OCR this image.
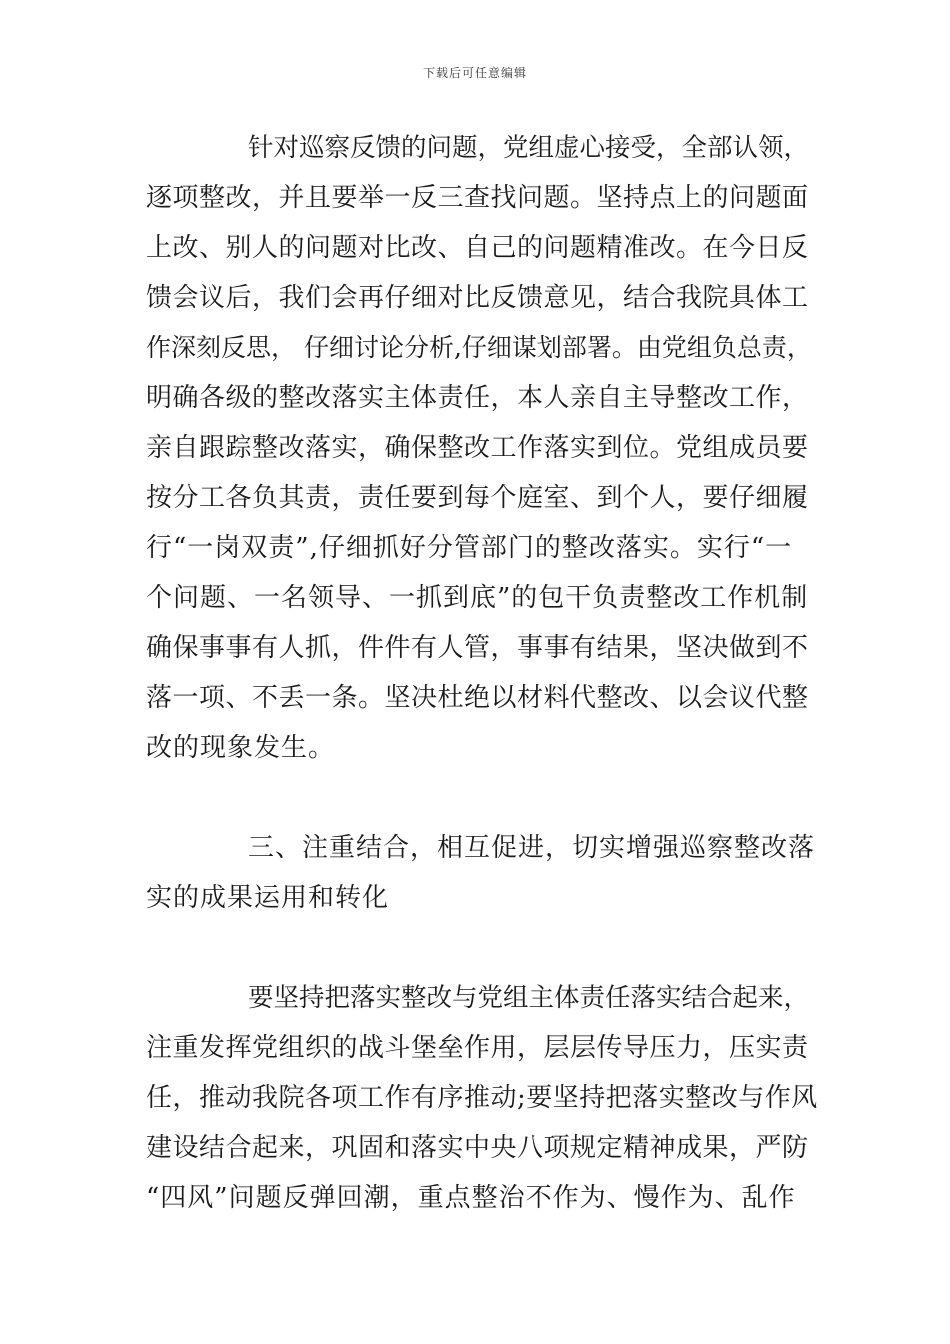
下载后可任意编辑
针对巡察反馈的问题，党组虚心接受，全部认领，
逐项整改，并且要举一反三查找问题。坚持点上的问题面
上改、别人的问题对比改、自己的问题精准改。在今日反
馈会议后，我们会再仔细对比反馈意见，结合我院具体工
作深刻反思， 仔细讨论分析,仔细谋划部署。由党组负总责，
明确各级的整改落实主体责任，本人亲自主导整改工作，
亲自跟踪整改落实，确保整改工作落实到位。党组成员要
按分工各负其责，责任要到每个庭室、到个人，要仔细履
行“一岗双责”,仔细抓好分管部门的整改落实。实行“一
个问题、一名领导、一抓到底”的包干负责整改工作机制
确保事事有人抓，件件有人管，事事有结果，坚决做到不
落一项、不丢一条。坚决杜绝以材料代整改、以会议代整
改的现象发生。
三、注重结合，相互促进，切实增强巡察整改落
实的成果运用和转化
要坚持把落实整改与党组主体责任落实结合起来，
注重发挥党组织的战斗堡垒作用，层层传导压力，压实责
任，推动我院各项工作有序推动;要坚持把落实整改与作风
建设结合起来，巩固和落实中央八项规定精神成果，严防
“四风”问题反弹回潮，重点整治不作为、慢作为、乱作
